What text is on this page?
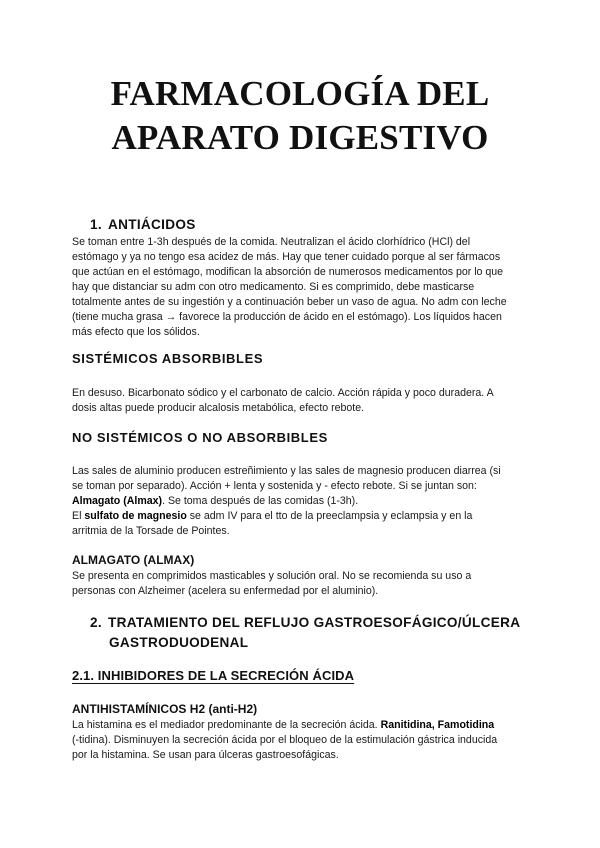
FARMACOLOGÍA DEL
APARATO DIGESTIVO
1. ANTIÁCIDOS
Se toman entre 1-3h después de la comida. Neutralizan el ácido clorhídrico (HCl) del
estómago y ya no tengo esa acidez de más. Hay que tener cuidado porque al ser fármacos
que actúan en el estómago, modifican la absorción de numerosos medicamentos por lo que
hay que distanciar su adm con otro medicamento. Si es comprimido, debe masticarse
totalmente antes de su ingestión y a continuación beber un vaso de agua. No adm con leche
(tiene mucha grasa → favorece la producción de ácido en el estómago). Los líquidos hacen
más efecto que los sólidos.
SISTÉMICOS ABSORBIBLES
En desuso. Bicarbonato sódico y el carbonato de calcio. Acción rápida y poco duradera. A
dosis altas puede producir alcalosis metabólica, efecto rebote.
NO SISTÉMICOS O NO ABSORBIBLES
Las sales de aluminio producen estreñimiento y las sales de magnesio producen diarrea (si
se toman por separado). Acción + lenta y sostenida y - efecto rebote. Si se juntan son:
Almagato (Almax). Se toma después de las comidas (1-3h).
El sulfato de magnesio se adm IV para el tto de la preeclampsia y eclampsia y en la
arritmia de la Torsade de Pointes.
ALMAGATO (ALMAX)
Se presenta en comprimidos masticables y solución oral. No se recomienda su uso a
personas con Alzheimer (acelera su enfermedad por el aluminio).
2. TRATAMIENTO DEL REFLUJO GASTROESOFÁGICO/ÚLCERA
GASTRODUODENAL
2.1. INHIBIDORES DE LA SECRECIÓN ÁCIDA
ANTIHISTAMÍNICOS H2 (anti-H2)
La histamina es el mediador predominante de la secreción ácida. Ranitidina, Famotidina
(-tidina). Disminuyen la secreción ácida por el bloqueo de la estimulación gástrica inducida
por la histamina. Se usan para úlceras gastroesofágicas.
